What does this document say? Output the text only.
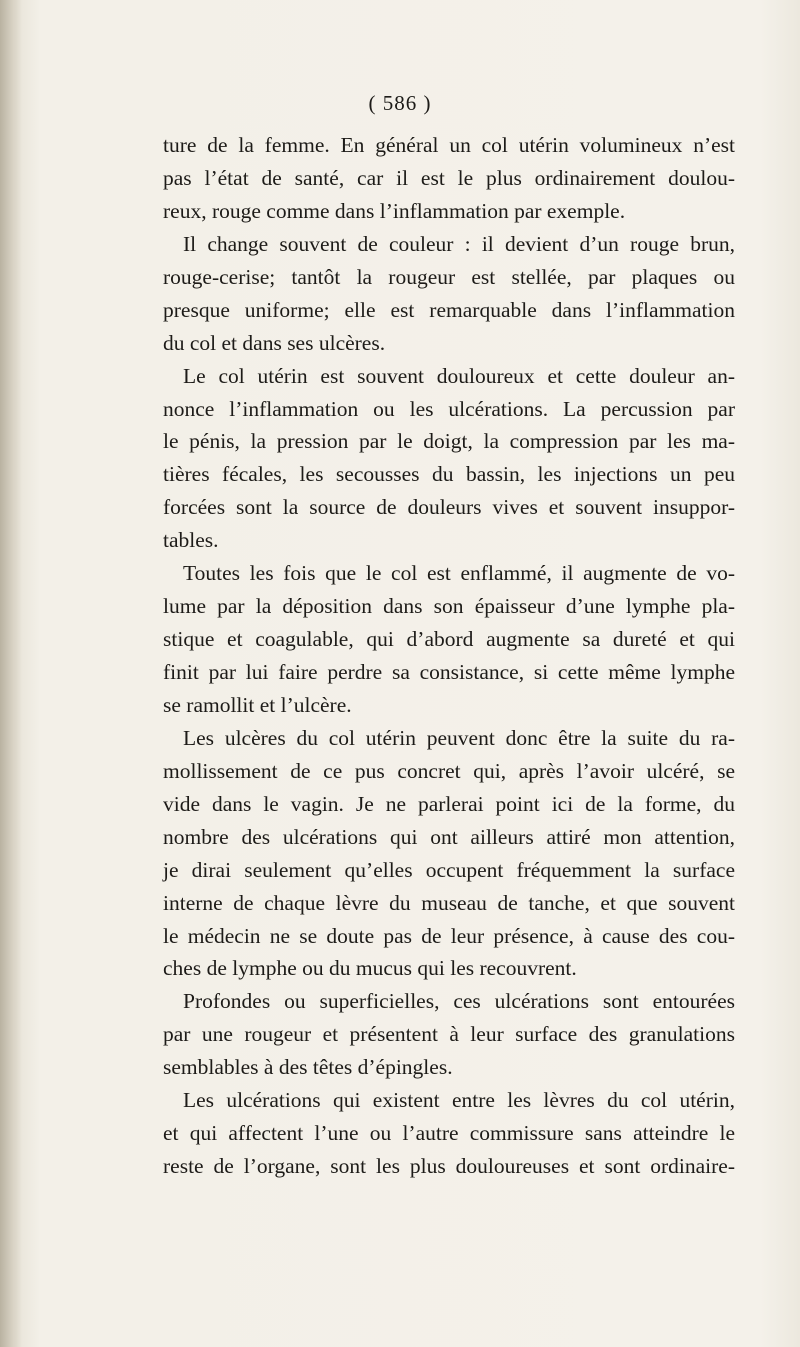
( 586 )
ture de la femme. En général un col utérin volumineux n’est
pas l’état de santé, car il est le plus ordinairement doulou-
reux, rouge comme dans l’inflammation par exemple.
Il change souvent de couleur : il devient d’un rouge brun,
rouge-cerise; tantôt la rougeur est stellée, par plaques ou
presque uniforme; elle est remarquable dans l’inflammation
du col et dans ses ulcères.
Le col utérin est souvent douloureux et cette douleur an-
nonce l’inflammation ou les ulcérations. La percussion par
le pénis, la pression par le doigt, la compression par les ma-
tières fécales, les secousses du bassin, les injections un peu
forcées sont la source de douleurs vives et souvent insuppor-
tables.
Toutes les fois que le col est enflammé, il augmente de vo-
lume par la déposition dans son épaisseur d’une lymphe pla-
stique et coagulable, qui d’abord augmente sa dureté et qui
finit par lui faire perdre sa consistance, si cette même lymphe
se ramollit et l’ulcère.
Les ulcères du col utérin peuvent donc être la suite du ra-
mollissement de ce pus concret qui, après l’avoir ulcéré, se
vide dans le vagin. Je ne parlerai point ici de la forme, du
nombre des ulcérations qui ont ailleurs attiré mon attention,
je dirai seulement qu’elles occupent fréquemment la surface
interne de chaque lèvre du museau de tanche, et que souvent
le médecin ne se doute pas de leur présence, à cause des cou-
ches de lymphe ou du mucus qui les recouvrent.
Profondes ou superficielles, ces ulcérations sont entourées
par une rougeur et présentent à leur surface des granulations
semblables à des têtes d’épingles.
Les ulcérations qui existent entre les lèvres du col utérin,
et qui affectent l’une ou l’autre commissure sans atteindre le
reste de l’organe, sont les plus douloureuses et sont ordinaire-
